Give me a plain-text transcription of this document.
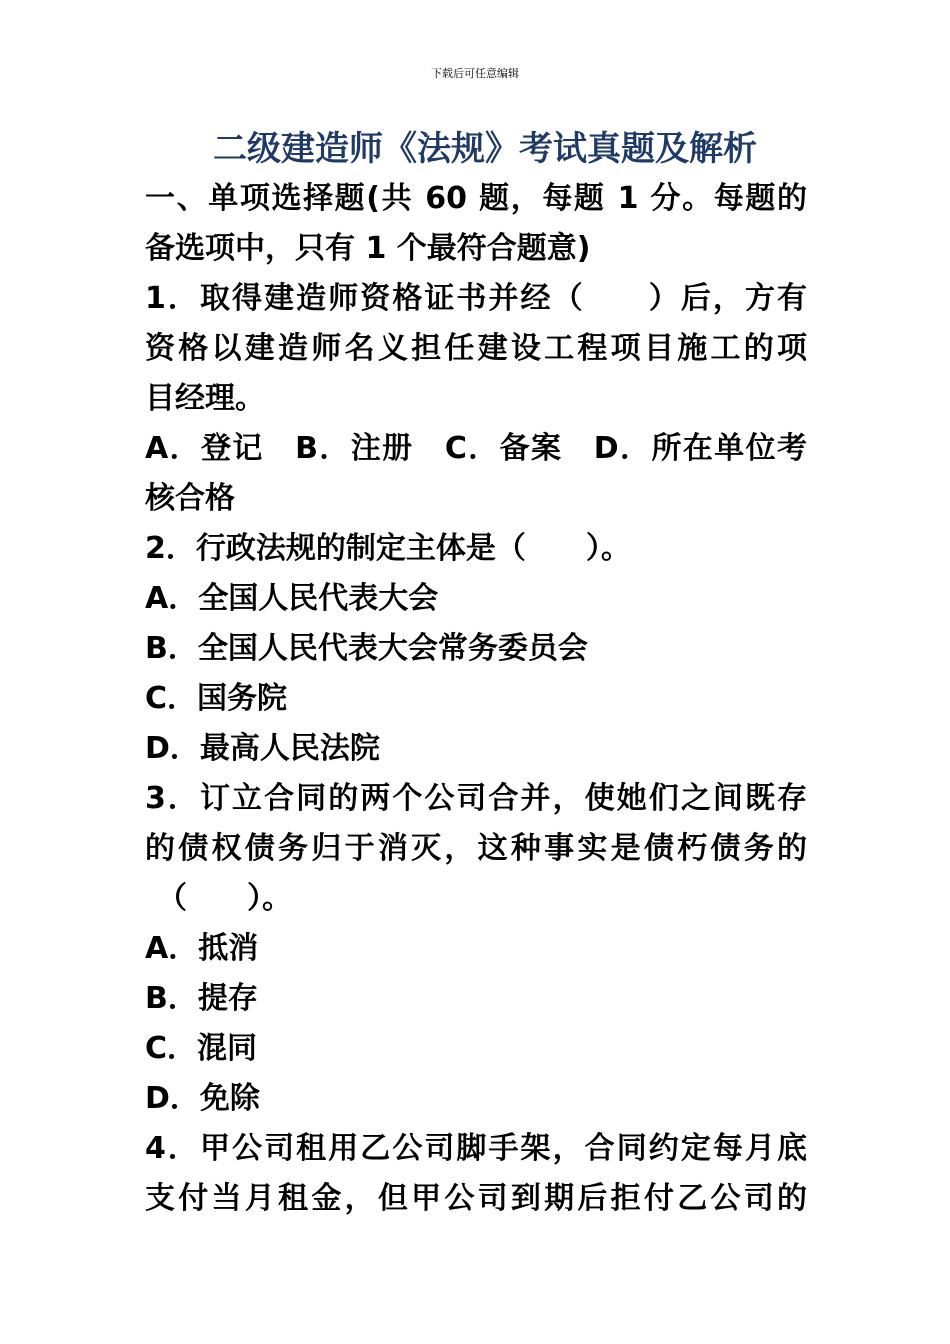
下载后可任意编辑
二级建造师《法规》考试真题及解析
一、单项选择题(共 60 题，每题 1 分。每题的
备选项中，只有 1 个最符合题意)
1．取得建造师资格证书并经（　　）后，方有
资格以建造师名义担任建设工程项目施工的项
目经理。
A．登记　B．注册　C．备案　D．所在单位考
核合格
2．行政法规的制定主体是（　　）。
A．全国人民代表大会
B．全国人民代表大会常务委员会
C．国务院
D．最高人民法院
3．订立合同的两个公司合并，使她们之间既存
的债权债务归于消灭，这种事实是债朽债务的
（　　）。
A．抵消
B．提存
C．混同
D．免除
4．甲公司租用乙公司脚手架，合同约定每月底
支付当月租金，但甲公司到期后拒付乙公司的
